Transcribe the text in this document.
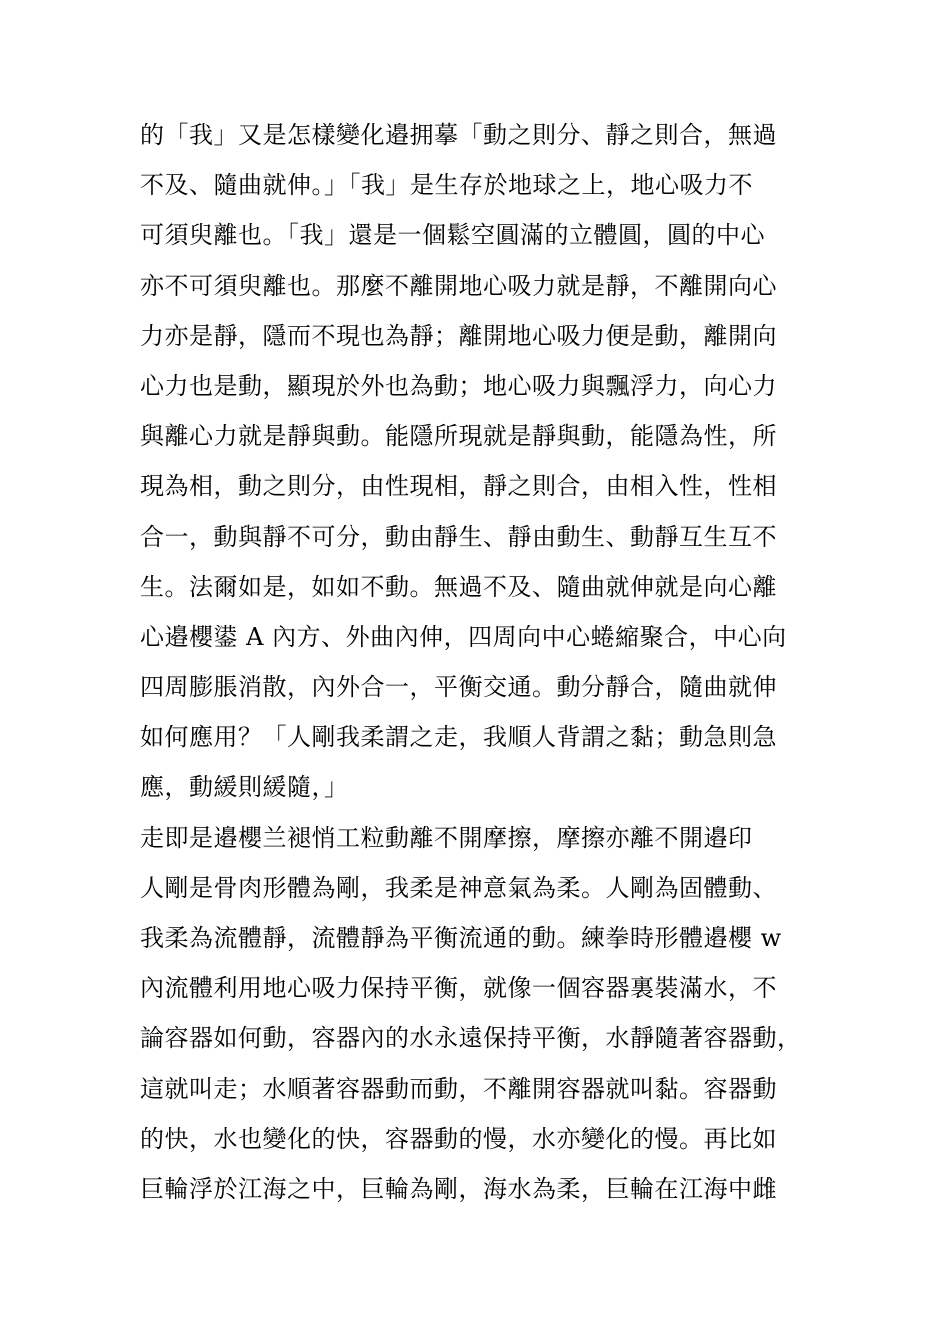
的「我」又是怎樣變化邉拥摹「動之則分、靜之則合，無過
不及、隨曲就伸。」「我」是生存於地球之上，地心吸力不
可須臾離也。「我」還是一個鬆空圓滿的立體圓，圓的中心
亦不可須臾離也。那麼不離開地心吸力就是靜，不離開向心
力亦是靜，隱而不現也為靜；離開地心吸力便是動，離開向
心力也是動，顯現於外也為動；地心吸力與飄浮力，向心力
與離心力就是靜與動。能隱所現就是靜與動，能隱為性，所
現為相，動之則分，由性現相，靜之則合，由相入性，性相
合一，動與靜不可分，動由靜生、靜由動生、動靜互生互不
生。法爾如是，如如不動。無過不及、隨曲就伸就是向心離
心邉櫻鍙 A 內方、外曲內伸，四周向中心蜷縮聚合，中心向
四周膨脹消散，內外合一，平衡交通。動分靜合，隨曲就伸
如何應用？「人剛我柔謂之走，我順人背謂之黏；動急則急
應，動緩則緩隨，」
走即是邉櫻兰褪悄工粒動離不開摩擦，摩擦亦離不開邉印
人剛是骨肉形體為剛，我柔是神意氣為柔。人剛為固體動、
我柔為流體靜，流體靜為平衡流通的動。練拳時形體邉櫻 w
內流體利用地心吸力保持平衡，就像一個容器裏裝滿水，不
論容器如何動，容器內的水永遠保持平衡，水靜隨著容器動，
這就叫走；水順著容器動而動，不離開容器就叫黏。容器動
的快，水也變化的快，容器動的慢，水亦變化的慢。再比如
巨輪浮於江海之中，巨輪為剛，海水為柔，巨輪在江海中雌
